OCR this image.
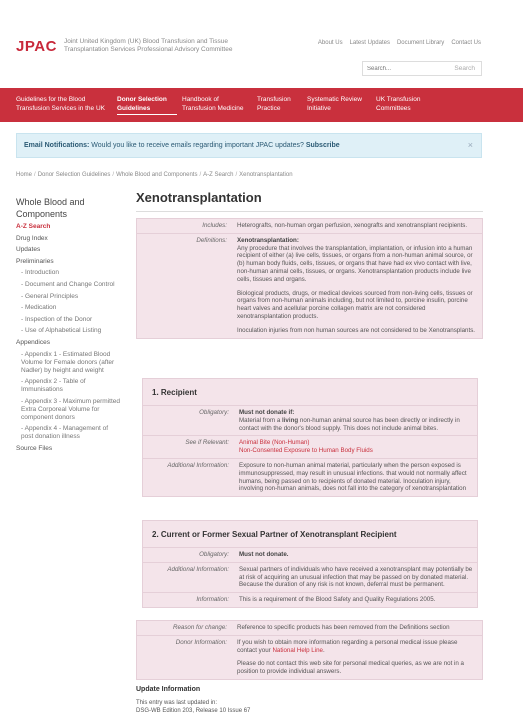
JPAC Joint United Kingdom (UK) Blood Transfusion and Tissue Transplantation Services Professional Advisory Committee
About Us Latest Updates Document Library Contact Us
Search...
Search
Guidelines for the Blood Transfusion Services in the UK
Donor Selection Guidelines
Handbook of Transfusion Medicine
Transfusion Practice
Systematic Review Initiative
UK Transfusion Committees
Email Notifications: Would you like to receive emails regarding important JPAC updates? Subscribe	×
Home / Donor Selection Guidelines / Whole Blood and Components / A-Z Search / Xenotransplantation
Whole Blood and Components
A-Z Search
Drug Index
Updates
Preliminaries
- Introduction
- Document and Change Control
- General Principles
- Medication
- Inspection of the Donor
- Use of Alphabetical Listing
Appendices
- Appendix 1 - Estimated Blood Volume for Female donors (after Nadler) by height and weight
- Appendix 2 - Table of Immunisations
- Appendix 3 - Maximum permitted Extra Corporeal Volume for component donors
- Appendix 4 - Management of post donation illness
Source Files
Xenotransplantation
Includes:	Heterografts, non-human organ perfusion, xenografts and xenotransplant recipients.
Definitions:	Xenotransplantation:
Any procedure that involves the transplantation, implantation, or infusion into a human recipient of either (a) live cells, tissues, or organs from a non-human animal source, or (b) human body fluids, cells, tissues, or organs that have had ex vivo contact with live, non-human animal cells, tissues, or organs. Xenotransplantation products include live cells, tissues and organs.
Biological products, drugs, or medical devices sourced from non-living cells, tissues or organs from non-human animals including, but not limited to, porcine insulin, porcine heart valves and acellular porcine collagen matrix are not considered xenotransplantation products.
Inoculation injuries from non human sources are not considered to be Xenotransplants.
1. Recipient
Obligatory:	Must not donate if:
Material from a living non-human animal source has been directly or indirectly in contact with the donor's blood supply. This does not include animal bites.
See if Relevant:	Animal Bite (Non-Human)
Non-Consented Exposure to Human Body Fluids
Additional Information:	Exposure to non-human animal material, particularly when the person exposed is immunosuppressed, may result in unusual infections. that would not normally affect humans, being passed on to recipients of donated material. Inoculation injury, involving non-human animals, does not fall into the category of xenotransplantation
2. Current or Former Sexual Partner of Xenotransplant Recipient
Obligatory:	Must not donate.
Additional Information:	Sexual partners of individuals who have received a xenotransplant may potentially be at risk of acquiring an unusual infection that may be passed on by donated material. Because the duration of any risk is not known, deferral must be permanent.
Information:	This is a requirement of the Blood Safety and Quality Regulations 2005.
Reason for change:	Reference to specific products has been removed from the Definitions section
Donor Information:	If you wish to obtain more information regarding a personal medical issue please contact your National Help Line.
Please do not contact this web site for personal medical queries, as we are not in a position to provide individual answers.
Update Information
This entry was last updated in:
DSG-WB Edition 203, Release 10 Issue 67
